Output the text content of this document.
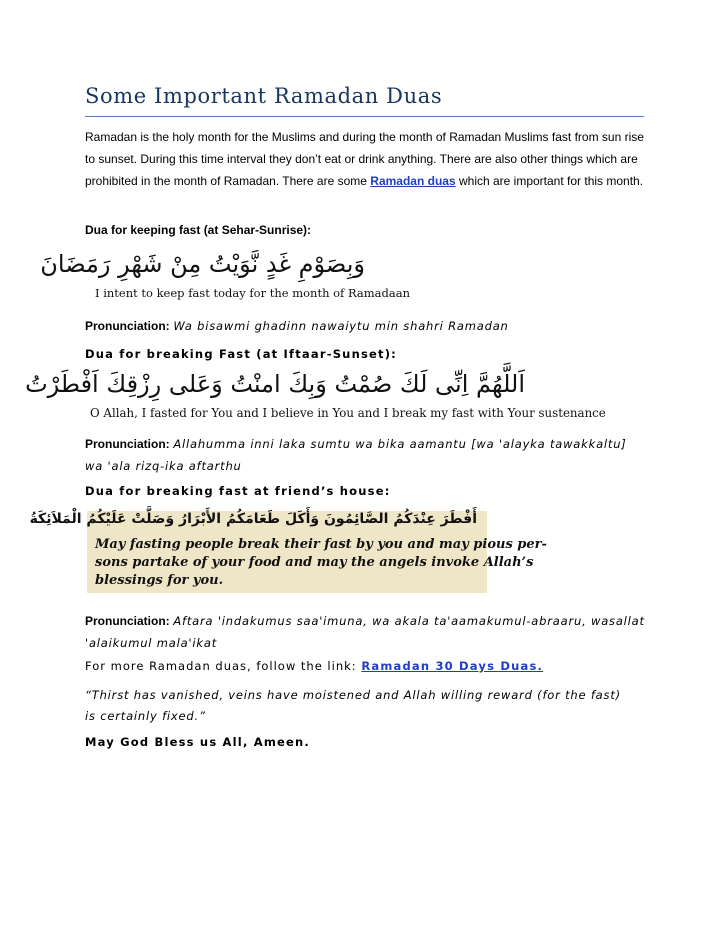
Some Important Ramadan Duas

Ramadan is the holy month for the Muslims and during the month of Ramadan Muslims fast from sun rise to sunset. During this time interval they don’t eat or drink anything. There are also other things which are prohibited in the month of Ramadan. There are some Ramadan duas which are important for this month.

Dua for keeping fast (at Sehar-Sunrise):

وَبِصَوْمِ غَدٍ نَّوَيْتُ مِنْ شَهْرِ رَمَضَانَ
I intent to keep fast today for the month of Ramadaan

Pronunciation: Wa bisawmi ghadinn nawaiytu min shahri Ramadan

Dua for breaking Fast (at Iftaar-Sunset):

اَللَّهُمَّ اِنِّى لَكَ صُمْتُ وَبِكَ امنْتُ وَعَلى رِزْقِكَ اَفْطَرْتُ
O Allah, I fasted for You and I believe in You and I break my fast with Your sustenance

Pronunciation: Allahumma inni laka sumtu wa bika aamantu [wa 'alayka tawakkaltu] wa 'ala rizq-ika aftarthu

Dua for breaking fast at friend’s house:

أَفْطَرَ عِنْدَكُمُ الصَّائِمُونَ وَأَكَلَ طَعَامَكُمُ الأَبْرَارُ وَصَلَّتْ عَلَيْكُمُ الْمَلاَئِكَةُ
May fasting people break their fast by you and may pious per-
sons partake of your food and may the angels invoke Allah’s
blessings for you.

Pronunciation: Aftara 'indakumus saa'imuna, wa akala ta'aamakumul-abraaru, wasallat 'alaikumul mala'ikat

For more Ramadan duas, follow the link: Ramadan 30 Days Duas.

“Thirst has vanished, veins have moistened and Allah willing reward (for the fast) is certainly fixed.”

May God Bless us All, Ameen.
